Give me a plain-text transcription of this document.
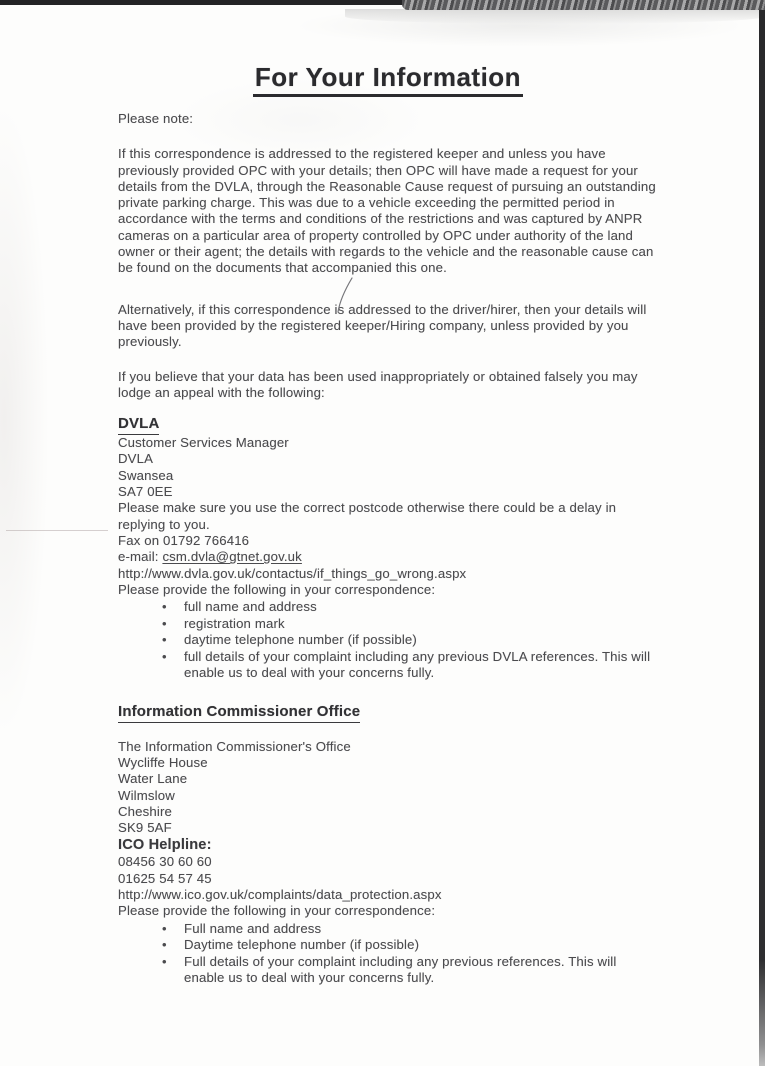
For Your Information

Please note:

If this correspondence is addressed to the registered keeper and unless you have previously provided OPC with your details; then OPC will have made a request for your details from the DVLA, through the Reasonable Cause request of pursuing an outstanding private parking charge. This was due to a vehicle exceeding the permitted period in accordance with the terms and conditions of the restrictions and was captured by ANPR cameras on a particular area of property controlled by OPC under authority of the land owner or their agent; the details with regards to the vehicle and the reasonable cause can be found on the documents that accompanied this one.

Alternatively, if this correspondence is addressed to the driver/hirer, then your details will have been provided by the registered keeper/Hiring company, unless provided by you previously.

If you believe that your data has been used inappropriately or obtained falsely you may lodge an appeal with the following:

DVLA

Customer Services Manager

DVLA

Swansea

SA7 0EE

Please make sure you use the correct postcode otherwise there could be a delay in replying to you.

Fax on 01792 766416

e-mail: csm.dvla@gtnet.gov.uk

http://www.dvla.gov.uk/contactus/if_things_go_wrong.aspx

Please provide the following in your correspondence:

• full name and address
• registration mark
• daytime telephone number (if possible)
• full details of your complaint including any previous DVLA references. This will enable us to deal with your concerns fully.
Information Commissioner Office

The Information Commissioner's Office

Wycliffe House

Water Lane

Wilmslow

Cheshire

SK9 5AF

ICO Helpline:

08456 30 60 60

01625 54 57 45

http://www.ico.gov.uk/complaints/data_protection.aspx

Please provide the following in your correspondence:

• Full name and address
• Daytime telephone number (if possible)
• Full details of your complaint including any previous references. This will enable us to deal with your concerns fully.
